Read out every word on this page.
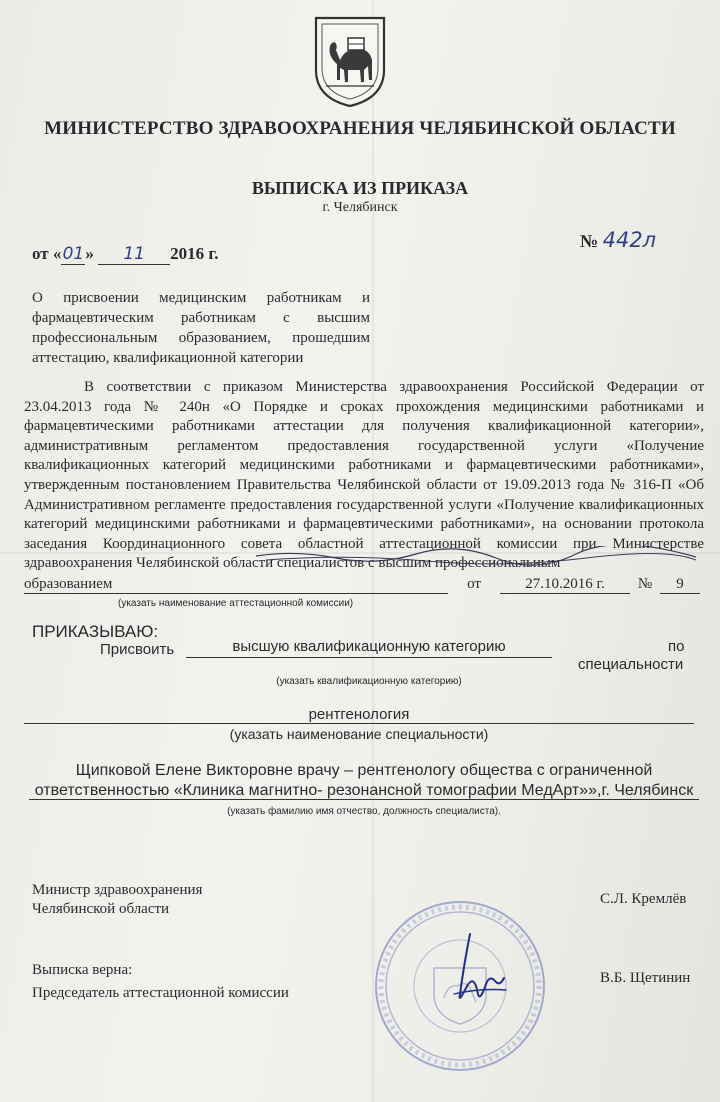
МИНИСТЕРСТВО ЗДРАВООХРАНЕНИЯ ЧЕЛЯБИНСКОЙ ОБЛАСТИ
ВЫПИСКА ИЗ ПРИКАЗА
г. Челябинск
от «01» 11 2016 г.
№ 442л
О присвоении медицинским работникам и фармацевтическим работникам с высшим профессиональным образованием, прошедшим аттестацию, квалификационной категории
В соответствии с приказом Министерства здравоохранения Российской Федерации от 23.04.2013 года № 240н «О Порядке и сроках прохождения медицинскими работниками и фармацевтическими работниками аттестации для получения квалификационной категории», административным регламентом предоставления государственной услуги «Получение квалификационных категорий медицинскими работниками и фармацевтическими работниками», утвержденным постановлением Правительства Челябинской области от 19.09.2013 года № 316-П «Об Административном регламенте предоставления государственной услуги «Получение квалификационных категорий медицинскими работниками и фармацевтическими работниками», на основании протокола заседания Координационного совета областной аттестационной комиссии при Министерстве здравоохранения Челябинской области специалистов с высшим профессиональным
образованием	от	27.10.2016 г. № 9
(указать наименование аттестационной комиссии)
ПРИКАЗЫВАЮ:
Присвоить	высшую квалификационную категорию	по
специальности
(указать квалификационную категорию)
рентгенология
(указать наименование специальности)
Щипковой Елене Викторовне врачу – рентгенологу общества с ограниченной
ответственностью «Клиника магнитно- резонансной томографии МедАрт»»,г. Челябинск
(указать фамилию имя отчество, должность специалиста).
Министр здравоохранения
Челябинской области
С.Л. Кремлёв
Выписка верна:
Председатель аттестационной комиссии
В.Б. Щетинин
